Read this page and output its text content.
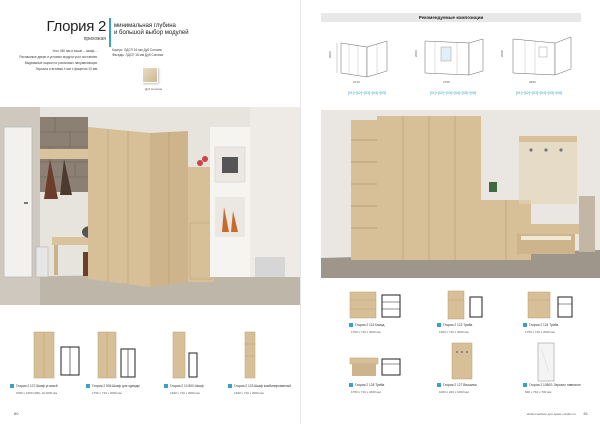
Глория 2
прихожая
минимальная глубина
и большой выбор модулей
Угол 450 мм и выше – шкаф-...
Распашные двери и угловые модули угол поставлен.
Выдвижные ящики на роликовых направляющих.
Зеркала и вставки 4 мм с фацетом 10 мм.
Корпус: ЛДСП 16 мм Дуб Сонома
Фасады: ЛДСП 16 мм Дуб Сонома
Дуб Сонома
Глория 2 107 Шкаф угловой
1050 x 1050 (300), Ш 2000 мм
Глория 2 506 Шкаф для одежды
1750 x 710 x 2000 мм
Глория 2 10 800 Шкаф
1390 x 710 x 2000 мм
Глория 2 123 Шкаф комбинированный
1390 x 710 x 2000 мм
80
Рекомендуемые композиции
2000
2710
[01]+[02]+[03]+[04]+[05]
2000
2750
[01]+[02]+[03]+[04]+[05]+[06]
2000
2650
[01]+[02]+[03]+[04]+[05]+[06]
Глория 2 114 Комод
1750 x 710 x 2000 мм
Глория 2 123 Тумба
1390 x 710 x 2000 мм
Глория 2 124 Тумба
1750 x 710 x 2000 мм
Глория 2 128 Тумба
1750 x 710 x 2000 мм
Глория 2 127 Вешалка
1000 x 240 x 1000 мм
Глория 2 108/01 Зеркало навесное
600 x 710 x 700 мм
ebdsm мебель для дома ▪ ebdsm.ru 81
